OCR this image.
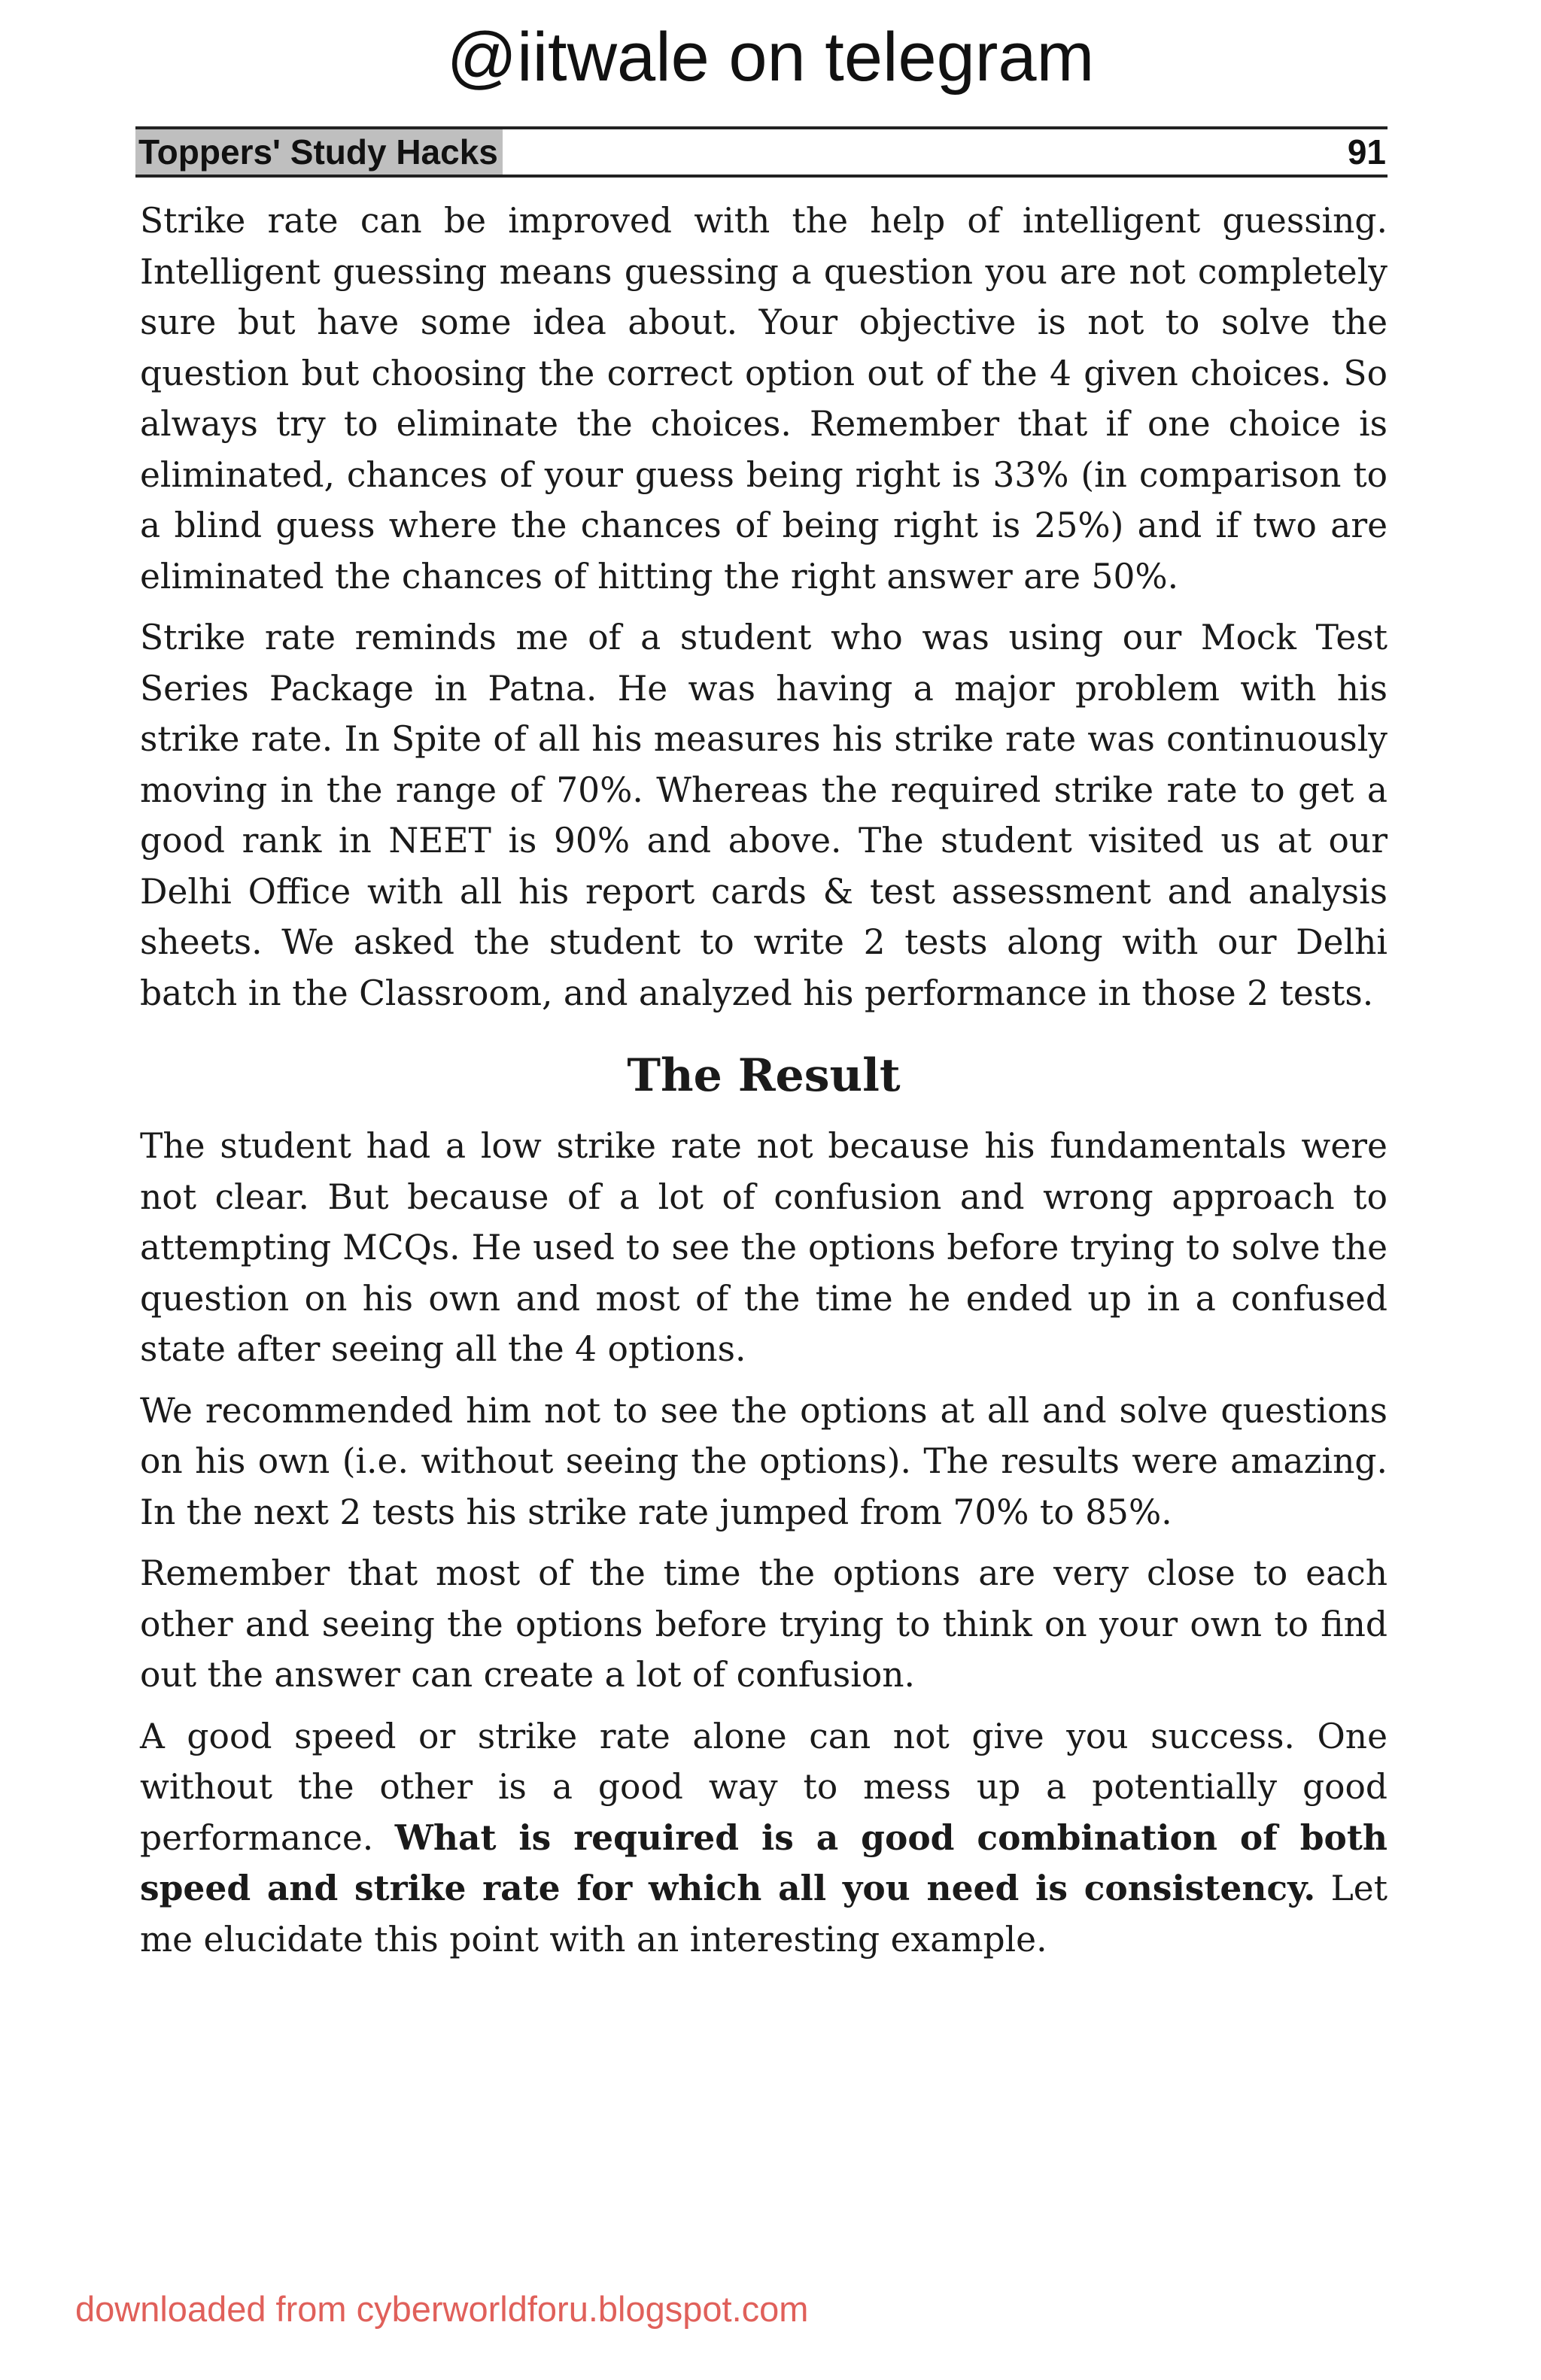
@iitwale on telegram
Toppers' Study Hacks	91

Strike rate can be improved with the help of intelligent guessing. Intelligent guessing means guessing a question you are not completely sure but have some idea about. Your objective is not to solve the question but choosing the correct option out of the 4 given choices. So always try to eliminate the choices. Remember that if one choice is eliminated, chances of your guess being right is 33% (in comparison to a blind guess where the chances of being right is 25%) and if two are eliminated the chances of hitting the right answer are 50%.

Strike rate reminds me of a student who was using our Mock Test Series Package in Patna. He was having a major problem with his strike rate. In Spite of all his measures his strike rate was continuously moving in the range of 70%. Whereas the required strike rate to get a good rank in NEET is 90% and above. The student visited us at our Delhi Office with all his report cards & test assessment and analysis sheets. We asked the student to write 2 tests along with our Delhi batch in the Classroom, and analyzed his performance in those 2 tests.

The Result

The student had a low strike rate not because his fundamentals were not clear. But because of a lot of confusion and wrong approach to attempting MCQs. He used to see the options before trying to solve the question on his own and most of the time he ended up in a confused state after seeing all the 4 options.

We recommended him not to see the options at all and solve questions on his own (i.e. without seeing the options). The results were amazing. In the next 2 tests his strike rate jumped from 70% to 85%.

Remember that most of the time the options are very close to each other and seeing the options before trying to think on your own to find out the answer can create a lot of confusion.

A good speed or strike rate alone can not give you success. One without the other is a good way to mess up a potentially good performance. What is required is a good combination of both speed and strike rate for which all you need is consistency. Let me elucidate this point with an interesting example.

downloaded from cyberworldforu.blogspot.com
